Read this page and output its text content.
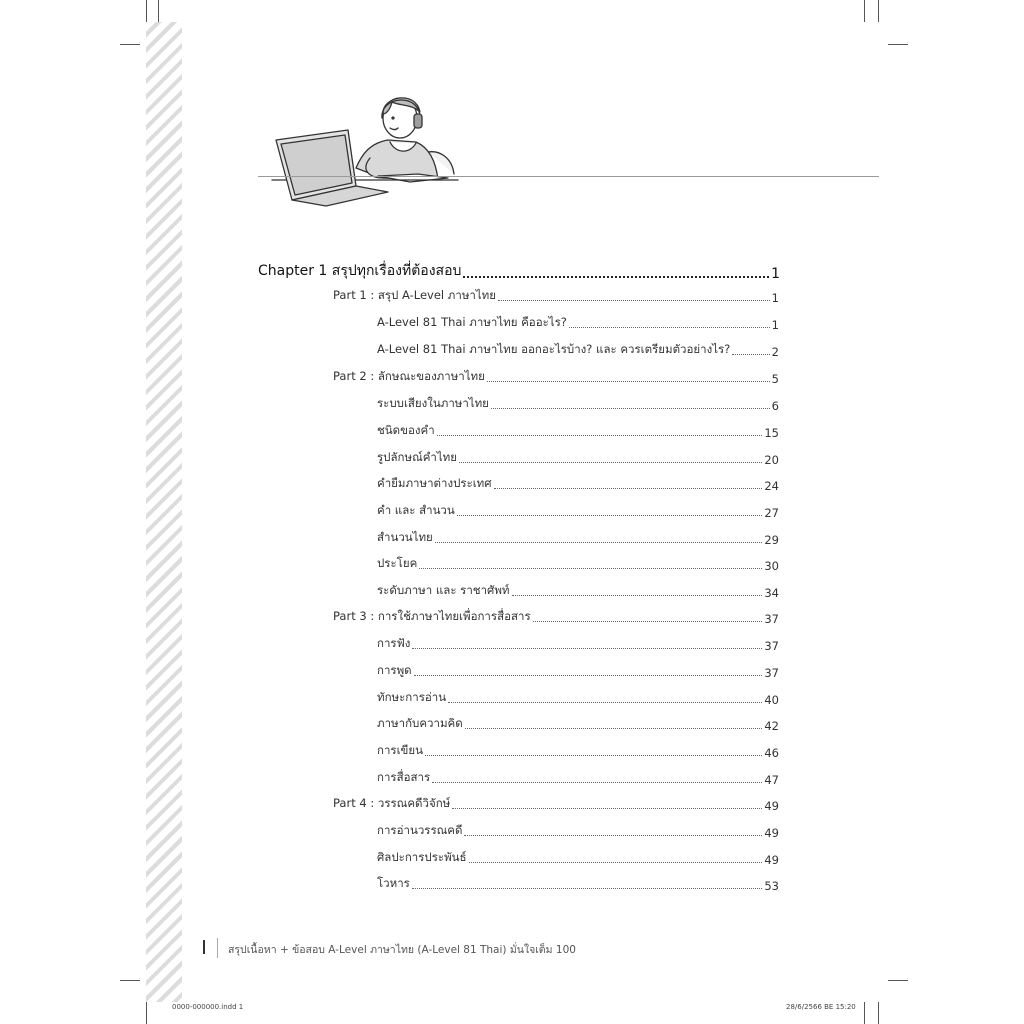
Chapter 1 สรุปทุกเรื่องที่ต้องสอบ	1
Part 1 : สรุป A-Level ภาษาไทย	1
A-Level 81 Thai ภาษาไทย คืออะไร?	1
A-Level 81 Thai ภาษาไทย ออกอะไรบ้าง? และ ควรเตรียมตัวอย่างไร?	2
Part 2 : ลักษณะของภาษาไทย	5
ระบบเสียงในภาษาไทย	6
ชนิดของคำ	15
รูปลักษณ์คำไทย	20
คำยืมภาษาต่างประเทศ	24
คำ และ สำนวน	27
สำนวนไทย	29
ประโยค	30
ระดับภาษา และ ราชาศัพท์	34
Part 3 : การใช้ภาษาไทยเพื่อการสื่อสาร	37
การฟัง	37
การพูด	37
ทักษะการอ่าน	40
ภาษากับความคิด	42
การเขียน	46
การสื่อสาร	47
Part 4 : วรรณคดีวิจักษ์	49
การอ่านวรรณคดี	49
ศิลปะการประพันธ์	49
โวหาร	53
สรุปเนื้อหา + ข้อสอบ A-Level ภาษาไทย (A-Level 81 Thai) มั่นใจเต็ม 100
0000-000000.indd 1	28/6/2566 BE 15:20
